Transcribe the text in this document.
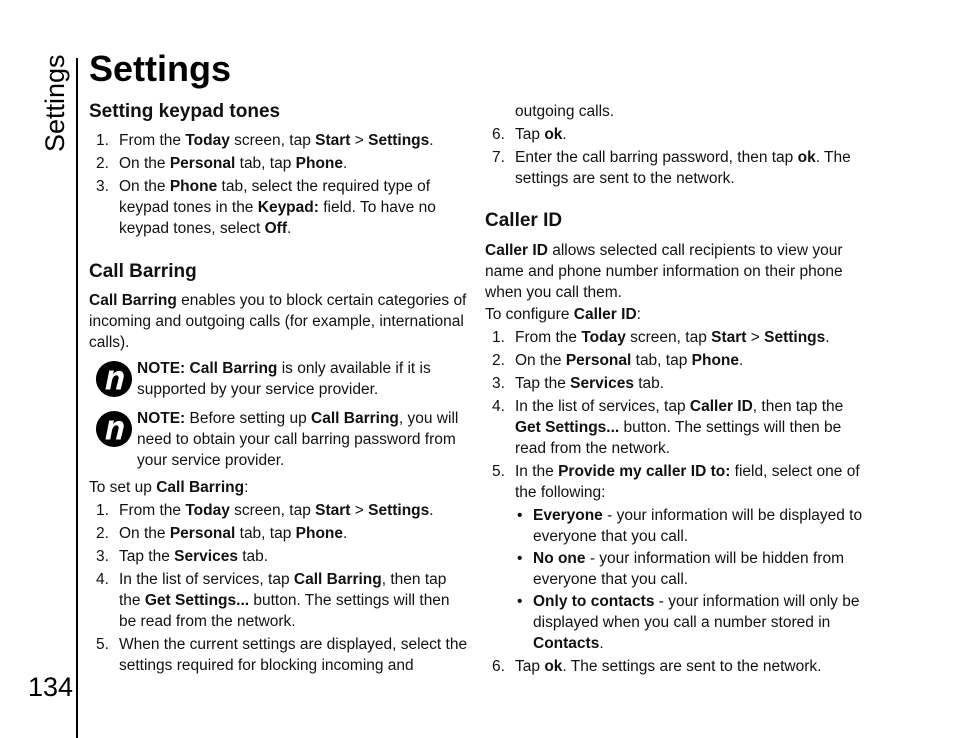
Settings
134
Settings
Setting keypad tones
1. From the Today screen, tap Start > Settings.
2. On the Personal tab, tap Phone.
3. On the Phone tab, select the required type of keypad tones in the Keypad: field. To have no keypad tones, select Off.
Call Barring

Call Barring enables you to block certain categories of incoming and outgoing calls (for example, international calls).

NOTE: Call Barring is only available if it is supported by your service provider.
NOTE: Before setting up Call Barring, you will need to obtain your call barring password from your service provider.

To set up Call Barring:

1. From the Today screen, tap Start > Settings.
2. On the Personal tab, tap Phone.
3. Tap the Services tab.
4. In the list of services, tap Call Barring, then tap the Get Settings... button. The settings will then be read from the network.
5. When the current settings are displayed, select the settings required for blocking incoming and

outgoing calls.

6. Tap ok.
7. Enter the call barring password, then tap ok. The settings are sent to the network.
Caller ID

Caller ID allows selected call recipients to view your name and phone number information on their phone when you call them.

To configure Caller ID:

1. From the Today screen, tap Start > Settings.
2. On the Personal tab, tap Phone.
3. Tap the Services tab.
4. In the list of services, tap Caller ID, then tap the Get Settings... button. The settings will then be read from the network.
5. In the Provide my caller ID to: field, select one of the following:
• Everyone - your information will be displayed to everyone that you call.
• No one - your information will be hidden from everyone that you call.
• Only to contacts - your information will only be displayed when you call a number stored in Contacts.
6. Tap ok. The settings are sent to the network.
